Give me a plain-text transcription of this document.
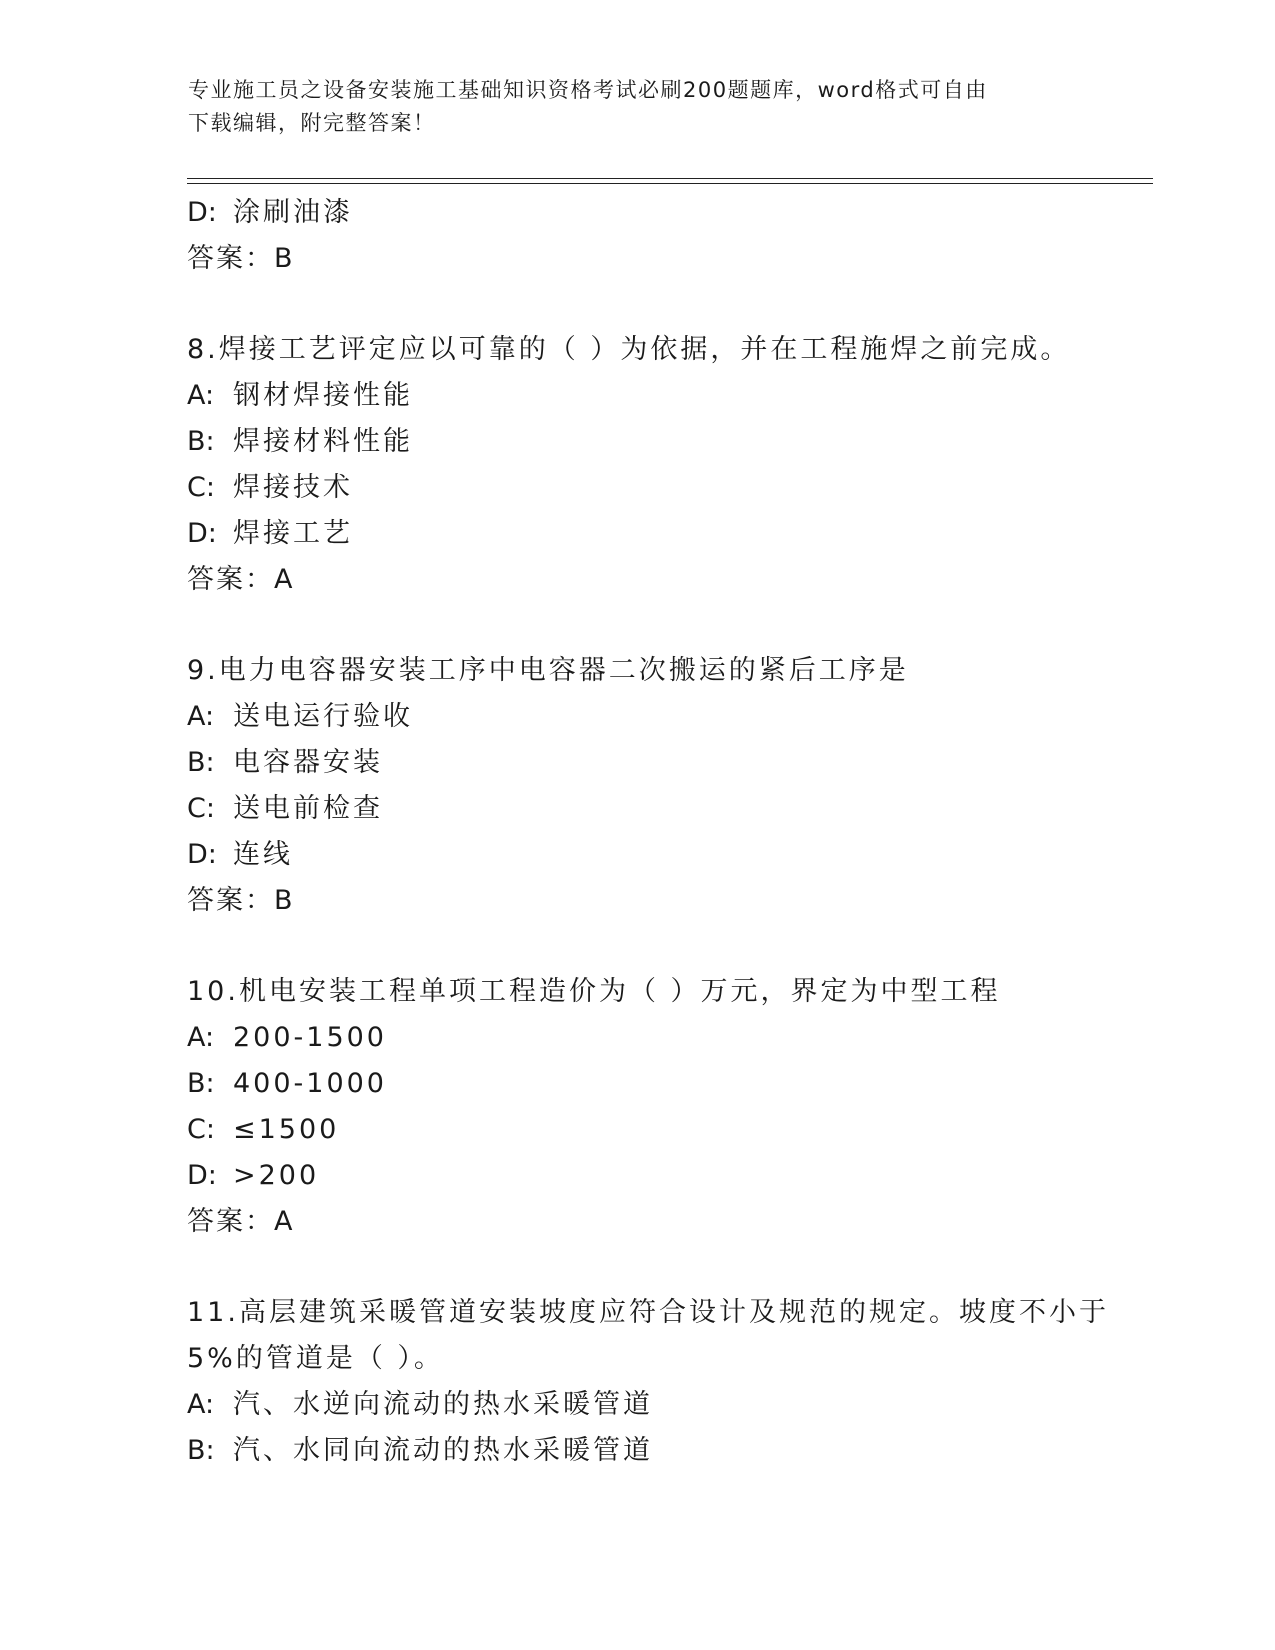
专业施工员之设备安装施工基础知识资格考试必刷200题题库，word格式可自由
下载编辑，附完整答案！
D: 涂刷油漆
答案：B
8.焊接工艺评定应以可靠的（ ）为依据，并在工程施焊之前完成。
A: 钢材焊接性能
B: 焊接材料性能
C: 焊接技术
D: 焊接工艺
答案：A
9.电力电容器安装工序中电容器二次搬运的紧后工序是
A: 送电运行验收
B: 电容器安装
C: 送电前检查
D: 连线
答案：B
10.机电安装工程单项工程造价为（ ）万元，界定为中型工程
A: 200-1500
B: 400-1000
C: ≤1500
D: >200
答案：A
11.高层建筑采暖管道安装坡度应符合设计及规范的规定。坡度不小于
5%的管道是（ ）。
A: 汽、水逆向流动的热水采暖管道
B: 汽、水同向流动的热水采暖管道
